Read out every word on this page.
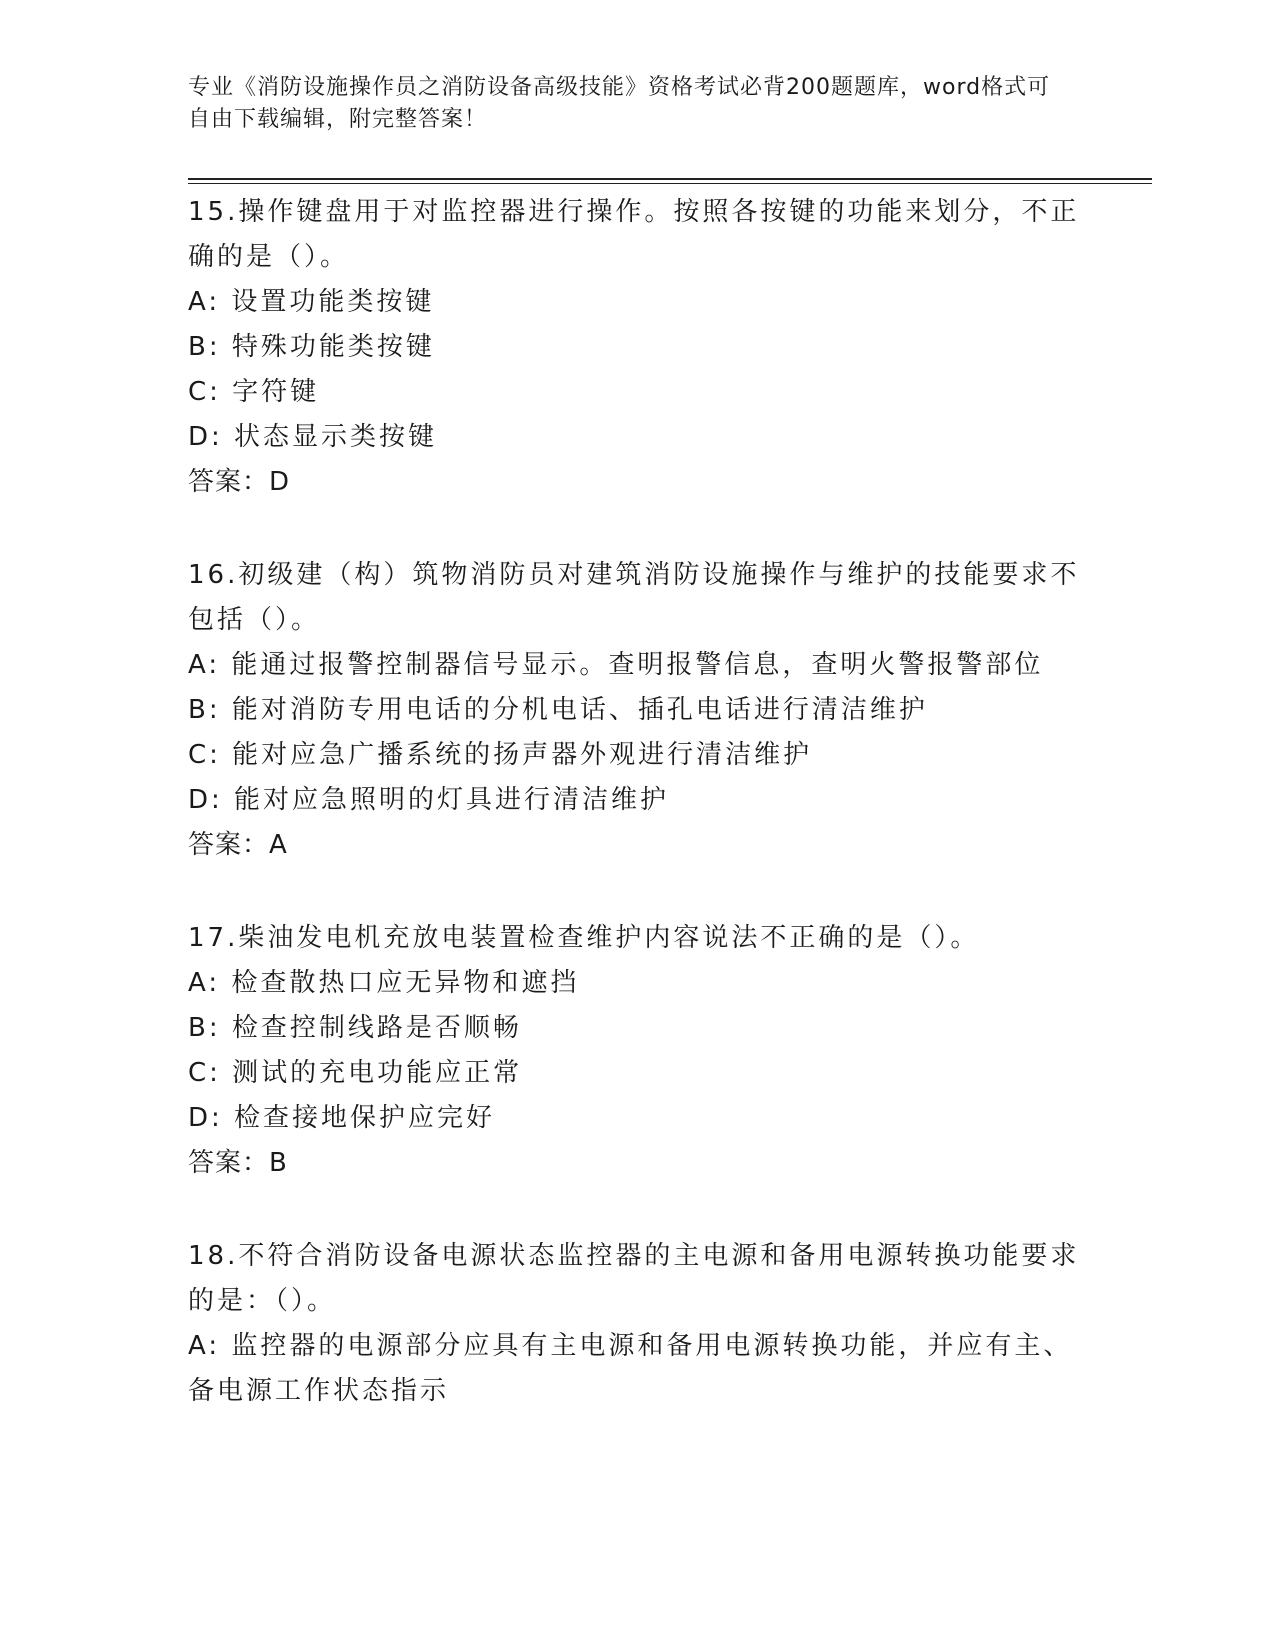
专业《消防设施操作员之消防设备高级技能》资格考试必背200题题库，word格式可自由下载编辑，附完整答案！

15.操作键盘用于对监控器进行操作。按照各按键的功能来划分，不正确的是（）。

A: 设置功能类按键

B: 特殊功能类按键

C: 字符键

D: 状态显示类按键

答案：D

16.初级建（构）筑物消防员对建筑消防设施操作与维护的技能要求不包括（）。

A: 能通过报警控制器信号显示。查明报警信息，查明火警报警部位

B: 能对消防专用电话的分机电话、插孔电话进行清洁维护

C: 能对应急广播系统的扬声器外观进行清洁维护

D: 能对应急照明的灯具进行清洁维护

答案：A

17.柴油发电机充放电装置检查维护内容说法不正确的是（）。

A: 检查散热口应无异物和遮挡

B: 检查控制线路是否顺畅

C: 测试的充电功能应正常

D: 检查接地保护应完好

答案：B

18.不符合消防设备电源状态监控器的主电源和备用电源转换功能要求的是：（）。

A: 监控器的电源部分应具有主电源和备用电源转换功能，并应有主、备电源工作状态指示
